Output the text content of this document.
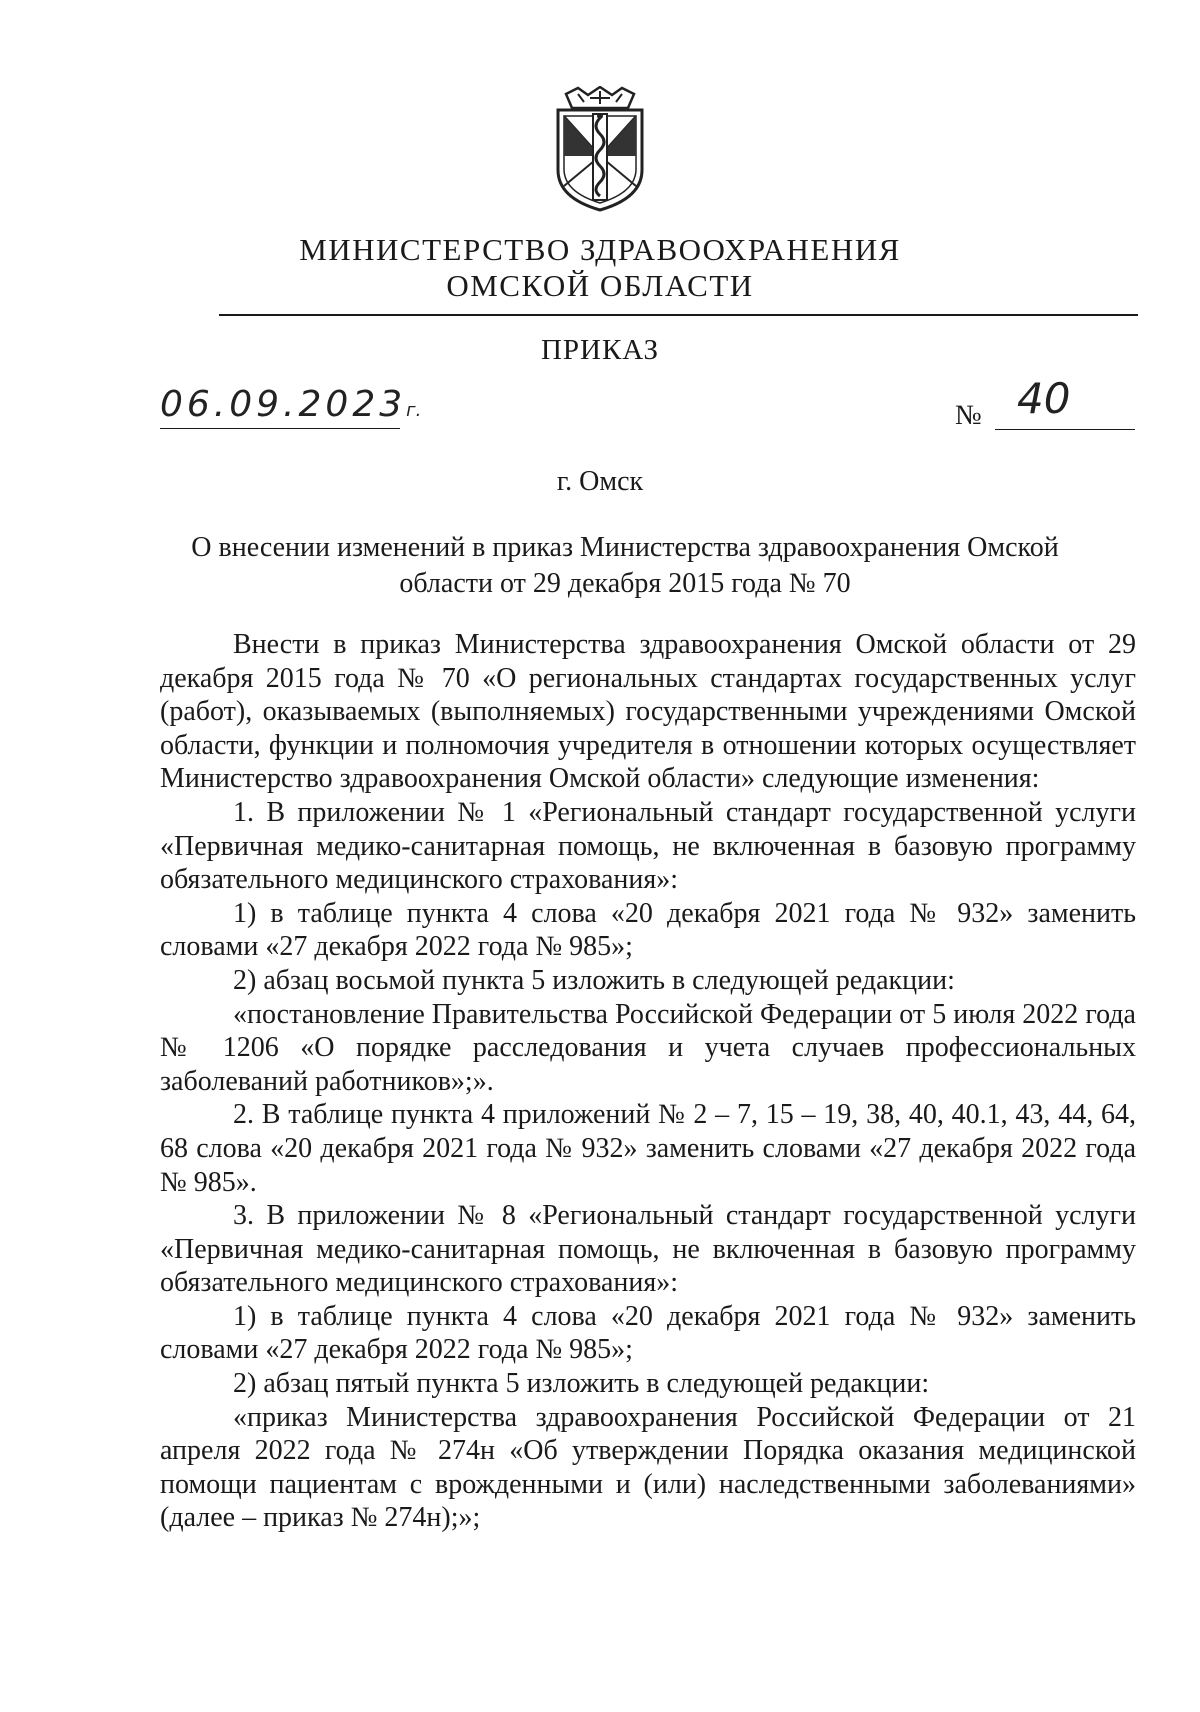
МИНИСТЕРСТВО ЗДРАВООХРАНЕНИЯ
ОМСКОЙ ОБЛАСТИ
ПРИКАЗ
06.09.2023г.	№ 40
г. Омск
О внесении изменений в приказ Министерства здравоохранения Омской области от 29 декабря 2015 года № 70

Внести в приказ Министерства здравоохранения Омской области от 29 декабря 2015 года № 70 «О региональных стандартах государственных услуг (работ), оказываемых (выполняемых) государственными учреждениями Омской области, функции и полномочия учредителя в отношении которых осуществляет Министерство здравоохранения Омской области» следующие изменения:

1. В приложении № 1 «Региональный стандарт государственной услуги «Первичная медико-санитарная помощь, не включенная в базовую программу обязательного медицинского страхования»:

1) в таблице пункта 4 слова «20 декабря 2021 года № 932» заменить словами «27 декабря 2022 года № 985»;

2) абзац восьмой пункта 5 изложить в следующей редакции:

«постановление Правительства Российской Федерации от 5 июля 2022 года № 1206 «О порядке расследования и учета случаев профессиональных заболеваний работников»;».

2. В таблице пункта 4 приложений № 2 – 7, 15 – 19, 38, 40, 40.1, 43, 44, 64, 68 слова «20 декабря 2021 года № 932» заменить словами «27 декабря 2022 года № 985».

3. В приложении № 8 «Региональный стандарт государственной услуги «Первичная медико-санитарная помощь, не включенная в базовую программу обязательного медицинского страхования»:

1) в таблице пункта 4 слова «20 декабря 2021 года № 932» заменить словами «27 декабря 2022 года № 985»;

2) абзац пятый пункта 5 изложить в следующей редакции:

«приказ Министерства здравоохранения Российской Федерации от 21 апреля 2022 года № 274н «Об утверждении Порядка оказания медицинской помощи пациентам с врожденными и (или) наследственными заболеваниями» (далее – приказ № 274н);»;
